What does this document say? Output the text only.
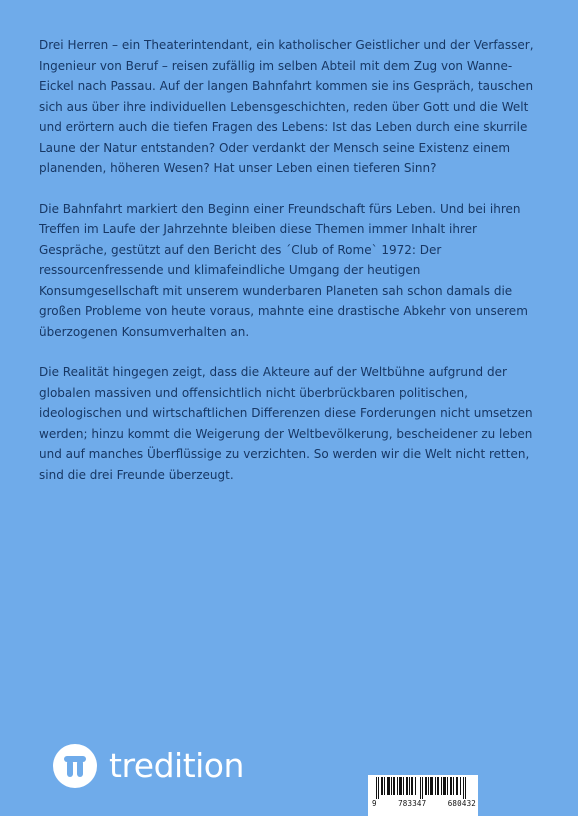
Drei Herren – ein Theaterintendant, ein katholischer Geistlicher und der Verfasser, Ingenieur von Beruf – reisen zufällig im selben Abteil mit dem Zug von Wanne-Eickel nach Passau. Auf der langen Bahnfahrt kommen sie ins Gespräch, tauschen sich aus über ihre individuellen Lebensgeschichten, reden über Gott und die Welt und erörtern auch die tiefen Fragen des Lebens: Ist das Leben durch eine skurrile Laune der Natur entstanden? Oder verdankt der Mensch seine Existenz einem planenden, höheren Wesen? Hat unser Leben einen tieferen Sinn?

Die Bahnfahrt markiert den Beginn einer Freundschaft fürs Leben. Und bei ihren Treffen im Laufe der Jahrzehnte bleiben diese Themen immer Inhalt ihrer Gespräche, gestützt auf den Bericht des ´Club of Rome` 1972: Der ressourcenfressende und klimafeindliche Umgang der heutigen Konsumgesellschaft mit unserem wunderbaren Planeten sah schon damals die großen Probleme von heute voraus, mahnte eine drastische Abkehr von unserem überzogenen Konsumverhalten an.

Die Realität hingegen zeigt, dass die Akteure auf der Weltbühne aufgrund der globalen massiven und offensichtlich nicht überbrückbaren politischen, ideologischen und wirtschaftlichen Differenzen diese Forderungen nicht umsetzen werden; hinzu kommt die Weigerung der Weltbevölkerung, bescheidener zu leben und auf manches Überflüssige zu verzichten. So werden wir die Welt nicht retten, sind die drei Freunde überzeugt.

tredition
9	783347	680432
